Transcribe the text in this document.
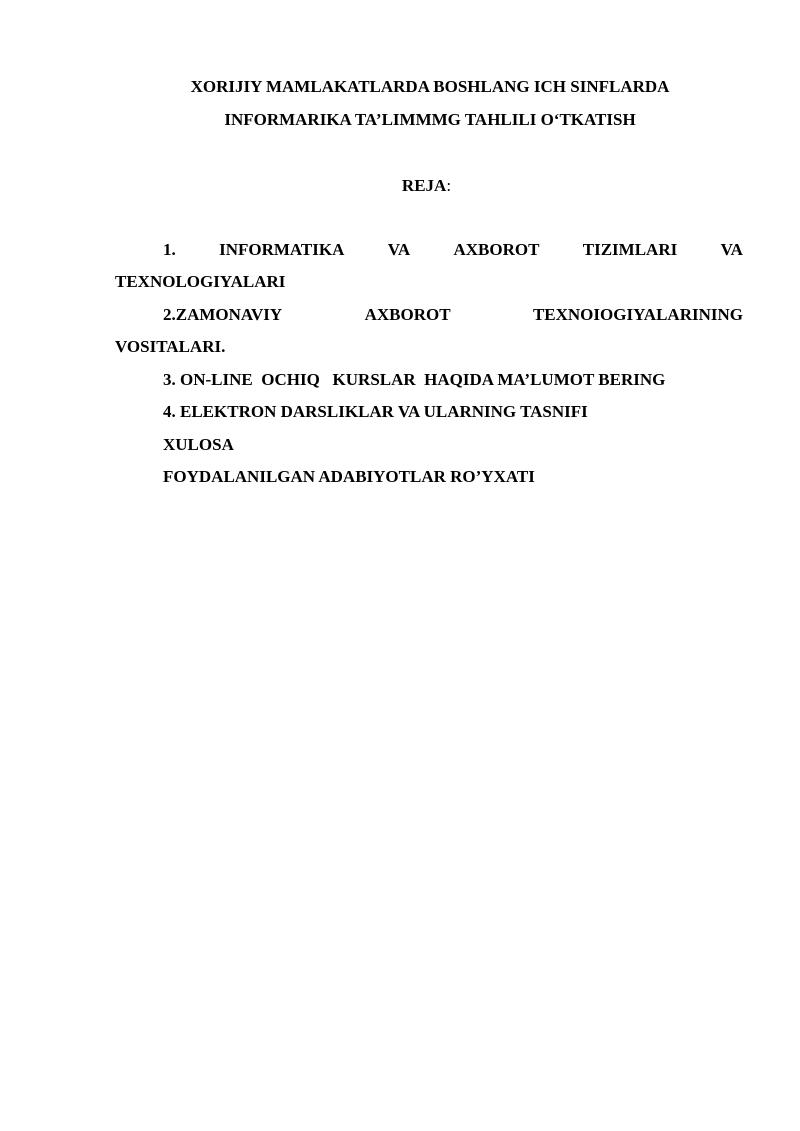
XORIJIY MAMLAKATLARDA BOSHLANG ICH SINFLARDA
INFORMARIKA TA’LIMMMG TAHLILI O‘TKATISH
REJA:
1.	INFORMATIKA	VA	AXBOROT	TIZIMLARI	VA
TEXNOLOGIYALARI
2.ZAMONAVIY	AXBOROT	TEXNOIOGIYALARINING
VOSITALARI.
3. ON-LINE  OCHIQ   KURSLAR  HAQIDA MA’LUMOT BERING
4. ELEKTRON DARSLIKLAR VA ULARNING TASNIFI
XULOSA
FOYDALANILGAN ADABIYOTLAR RO’YXATI
